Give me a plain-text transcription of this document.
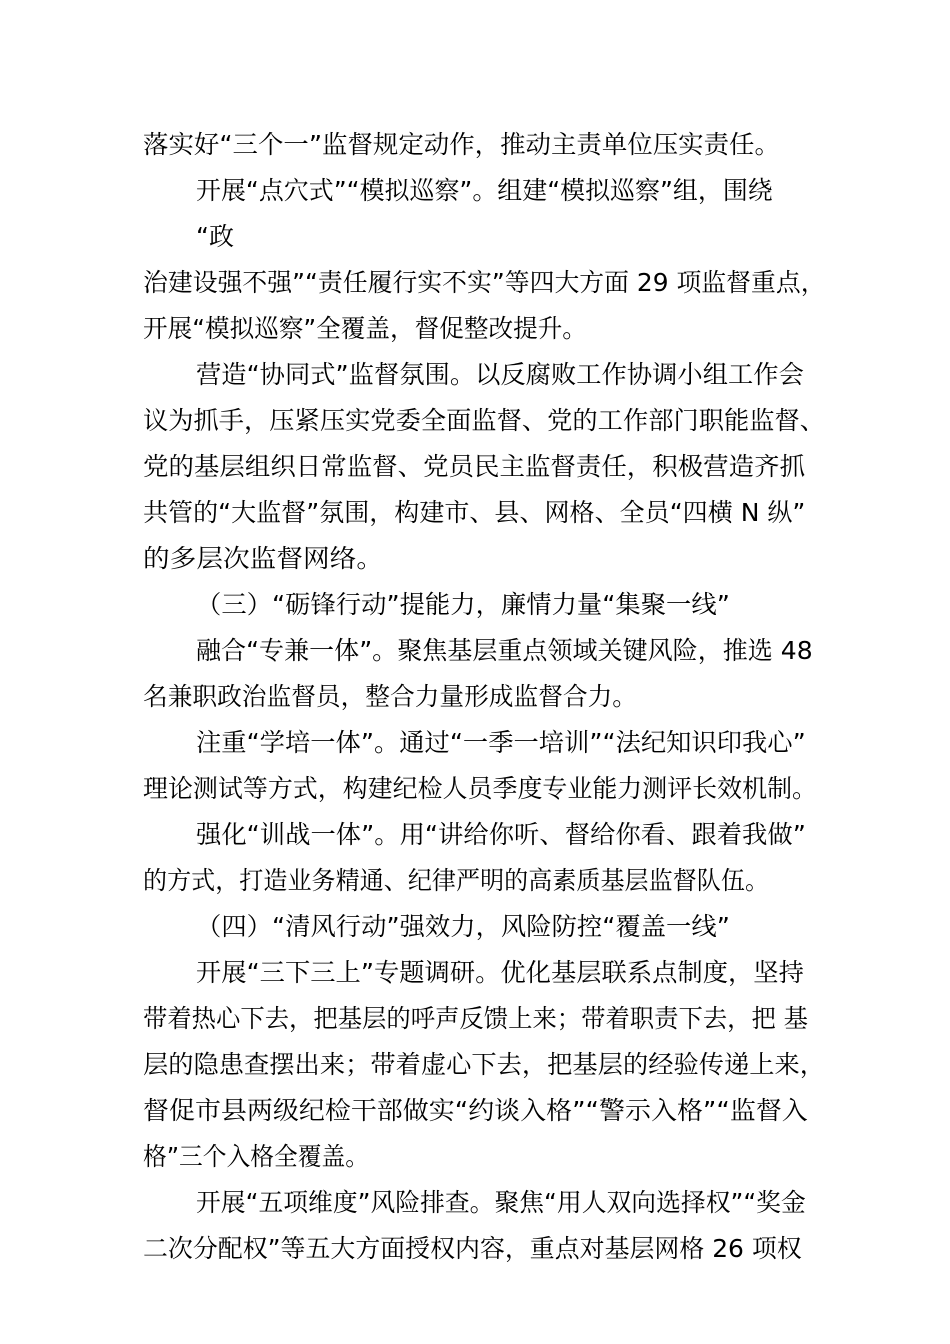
落实好“三个一”监督规定动作，推动主责单位压实责任。
开展“点穴式”“模拟巡察”。组建“模拟巡察”组，围绕
“政
治建设强不强”“责任履行实不实”等四大方面 29 项监督重点，
开展“模拟巡察”全覆盖，督促整改提升。
营造“协同式”监督氛围。以反腐败工作协调小组工作会
议为抓手，压紧压实党委全面监督、党的工作部门职能监督、
党的基层组织日常监督、党员民主监督责任，积极营造齐抓
共管的“大监督”氛围，构建市、县、网格、全员“四横 N 纵”
的多层次监督网络。
（三）“砺锋行动”提能力，廉情力量“集聚一线”
融合“专兼一体”。聚焦基层重点领域关键风险，推选 48
名兼职政治监督员，整合力量形成监督合力。
注重“学培一体”。通过“一季一培训”“法纪知识印我心”
理论测试等方式，构建纪检人员季度专业能力测评长效机制。
强化“训战一体”。用“讲给你听、督给你看、跟着我做”
的方式，打造业务精通、纪律严明的高素质基层监督队伍。
（四）“清风行动”强效力，风险防控“覆盖一线”
开展“三下三上”专题调研。优化基层联系点制度，坚持
带着热心下去，把基层的呼声反馈上来；带着职责下去，把 基
层的隐患查摆出来；带着虚心下去，把基层的经验传递上来，
督促市县两级纪检干部做实“约谈入格”“警示入格”“监督入
格”三个入格全覆盖。
开展“五项维度”风险排查。聚焦“用人双向选择权”“奖金
二次分配权”等五大方面授权内容，重点对基层网格 26 项权
